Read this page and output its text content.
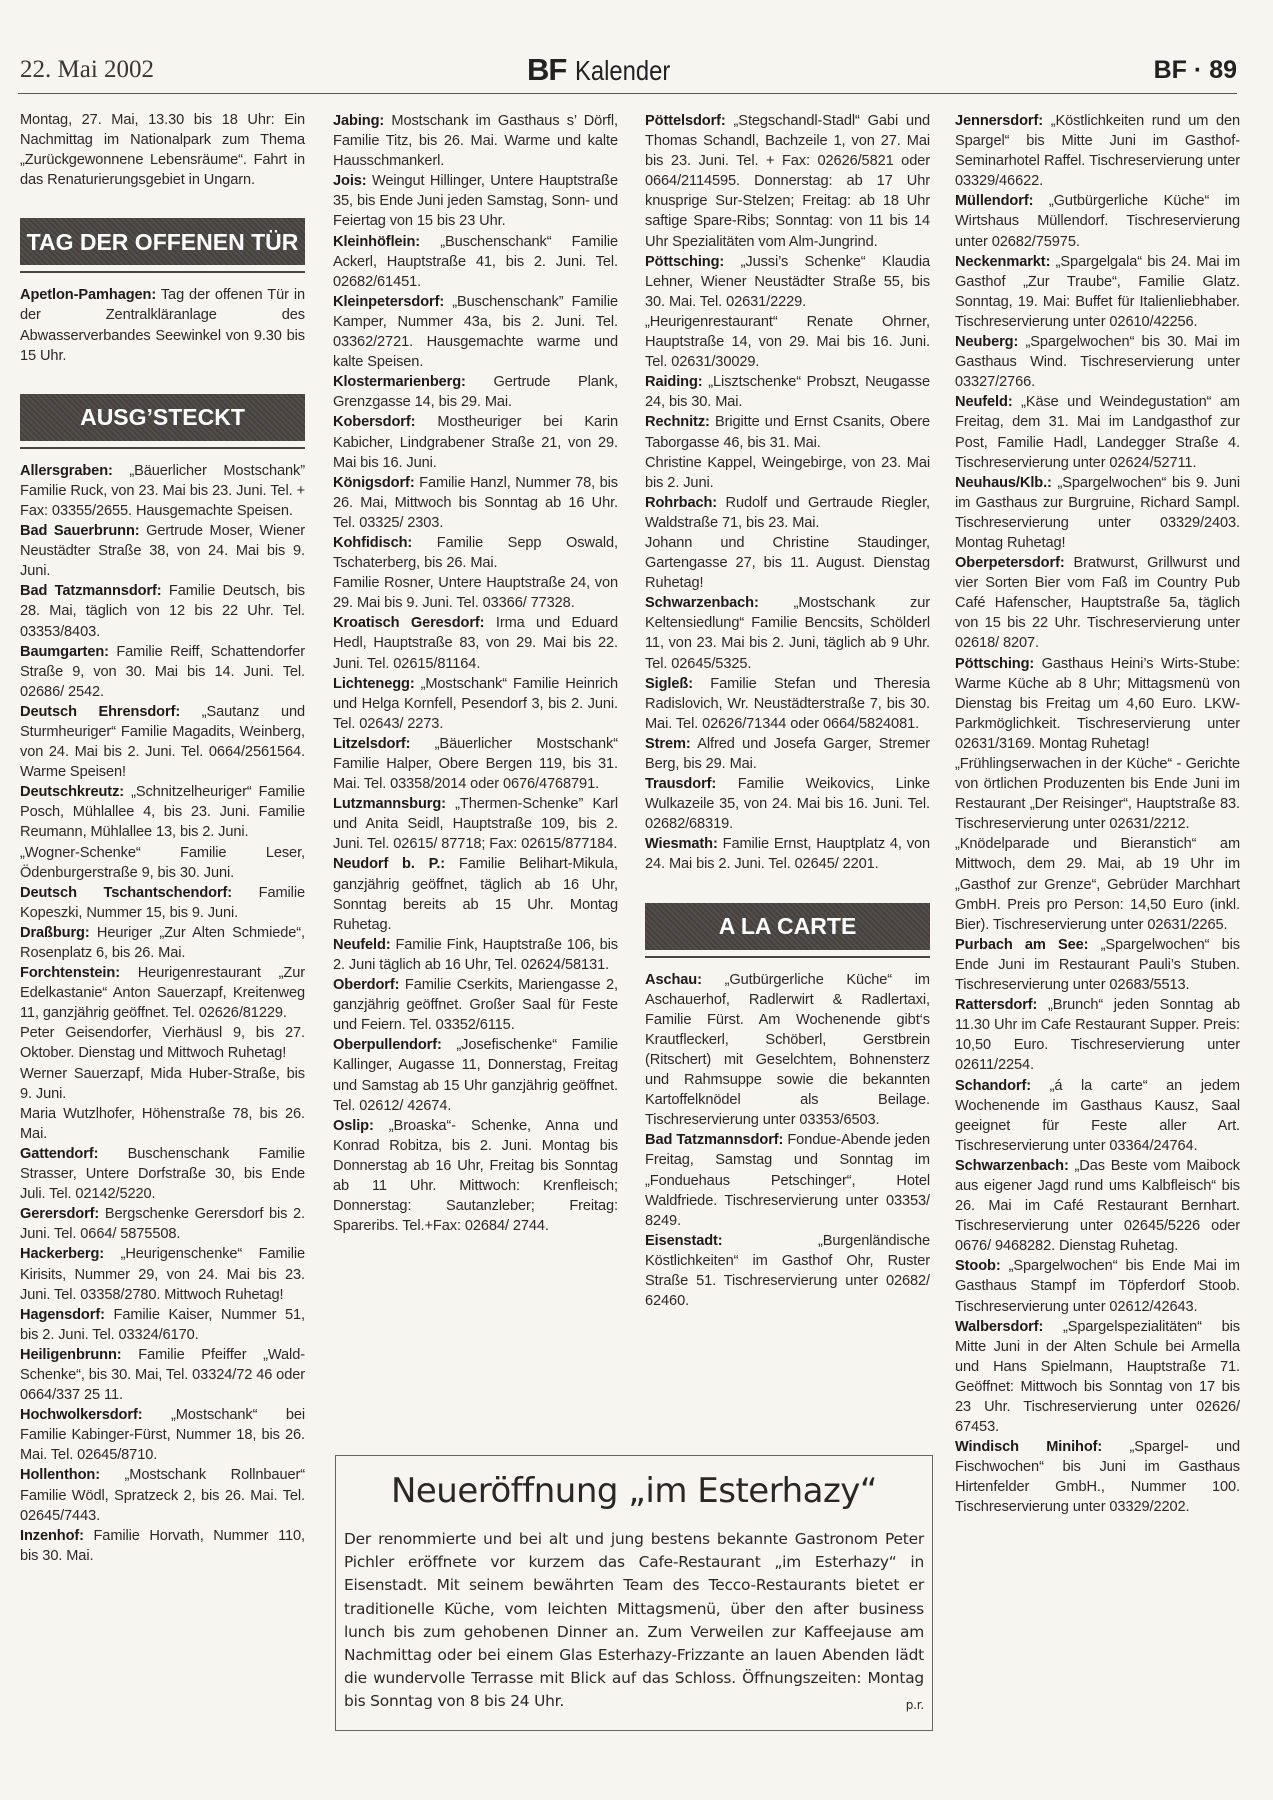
22. Mai 2002	BF Kalender	BF · 89

Montag, 27. Mai, 13.30 bis 18 Uhr: Ein Nachmittag im Nationalpark zum Thema „Zurückgewonnene Lebensräume“. Fahrt in das Renaturierungsgebiet in Ungarn.

TAG DER OFFENEN TÜR

Apetlon-Pamhagen: Tag der offenen Tür in der Zentralkläranlage des Abwasserverbandes Seewinkel von 9.30 bis 15 Uhr.

AUSG’STECKT

Allersgraben: „Bäuerlicher Mostschank” Familie Ruck, von 23. Mai bis 23. Juni. Tel. + Fax: 03355/2655. Hausgemachte Speisen.

Bad Sauerbrunn: Gertrude Moser, Wiener Neustädter Straße 38, von 24. Mai bis 9. Juni.

Bad Tatzmannsdorf: Familie Deutsch, bis 28. Mai, täglich von 12 bis 22 Uhr. Tel. 03353/8403.

Baumgarten: Familie Reiff, Schattendorfer Straße 9, von 30. Mai bis 14. Juni. Tel. 02686/ 2542.

Deutsch Ehrensdorf: „Sautanz und Sturmheuriger“ Familie Magadits, Weinberg, von 24. Mai bis 2. Juni. Tel. 0664/2561564. Warme Speisen!

Deutschkreutz: „Schnitzelheuriger“ Familie Posch, Mühlallee 4, bis 23. Juni. Familie Reumann, Mühlallee 13, bis 2. Juni.

„Wogner-Schenke“ Familie Leser, Ödenburgerstraße 9, bis 30. Juni.

Deutsch Tschantschendorf: Familie Kopeszki, Nummer 15, bis 9. Juni.

Draßburg: Heuriger „Zur Alten Schmiede“, Rosenplatz 6, bis 26. Mai.

Forchtenstein: Heurigenrestaurant „Zur Edelkastanie“ Anton Sauerzapf, Kreitenweg 11, ganzjährig geöffnet. Tel. 02626/81229.

Peter Geisendorfer, Vierhäusl 9, bis 27. Oktober. Dienstag und Mittwoch Ruhetag!

Werner Sauerzapf, Mida Huber-Straße, bis 9. Juni.

Maria Wutzlhofer, Höhenstraße 78, bis 26. Mai.

Gattendorf: Buschenschank Familie Strasser, Untere Dorfstraße 30, bis Ende Juli. Tel. 02142/5220.

Gerersdorf: Bergschenke Gerersdorf bis 2. Juni. Tel. 0664/ 5875508.

Hackerberg: „Heurigenschenke“ Familie Kirisits, Nummer 29, von 24. Mai bis 23. Juni. Tel. 03358/2780. Mittwoch Ruhetag!

Hagensdorf: Familie Kaiser, Nummer 51, bis 2. Juni. Tel. 03324/6170.

Heiligenbrunn: Familie Pfeiffer „Wald-Schenke“, bis 30. Mai, Tel. 03324/72 46 oder 0664/337 25 11.

Hochwolkersdorf: „Mostschank“ bei Familie Kabinger-Fürst, Nummer 18, bis 26. Mai. Tel. 02645/8710.

Hollenthon: „Mostschank Rollnbauer“ Familie Wödl, Spratzeck 2, bis 26. Mai. Tel. 02645/7443.

Inzenhof: Familie Horvath, Nummer 110, bis 30. Mai.

Jabing: Mostschank im Gasthaus s’ Dörfl, Familie Titz, bis 26. Mai. Warme und kalte Hausschmankerl.

Jois: Weingut Hillinger, Untere Hauptstraße 35, bis Ende Juni jeden Samstag, Sonn- und Feiertag von 15 bis 23 Uhr.

Kleinhöflein: „Buschenschank“ Familie Ackerl, Hauptstraße 41, bis 2. Juni. Tel. 02682/61451.

Kleinpetersdorf: „Buschenschank” Familie Kamper, Nummer 43a, bis 2. Juni. Tel. 03362/2721. Hausgemachte warme und kalte Speisen.

Klostermarienberg: Gertrude Plank, Grenzgasse 14, bis 29. Mai.

Kobersdorf: Mostheuriger bei Karin Kabicher, Lindgrabener Straße 21, von 29. Mai bis 16. Juni.

Königsdorf: Familie Hanzl, Nummer 78, bis 26. Mai, Mittwoch bis Sonntag ab 16 Uhr. Tel. 03325/ 2303.

Kohfidisch: Familie Sepp Oswald, Tschaterberg, bis 26. Mai.

Familie Rosner, Untere Hauptstraße 24, von 29. Mai bis 9. Juni. Tel. 03366/ 77328.

Kroatisch Geresdorf: Irma und Eduard Hedl, Hauptstraße 83, von 29. Mai bis 22. Juni. Tel. 02615/81164.

Lichtenegg: „Mostschank“ Familie Heinrich und Helga Kornfell, Pesendorf 3, bis 2. Juni. Tel. 02643/ 2273.

Litzelsdorf: „Bäuerlicher Mostschank“ Familie Halper, Obere Bergen 119, bis 31. Mai. Tel. 03358/2014 oder 0676/4768791.

Lutzmannsburg: „Thermen-Schenke” Karl und Anita Seidl, Hauptstraße 109, bis 2. Juni. Tel. 02615/ 87718; Fax: 02615/877184.

Neudorf b. P.: Familie Belihart-Mikula, ganzjährig geöffnet, täglich ab 16 Uhr, Sonntag bereits ab 15 Uhr. Montag Ruhetag.

Neufeld: Familie Fink, Hauptstraße 106, bis 2. Juni täglich ab 16 Uhr, Tel. 02624/58131.

Oberdorf: Familie Cserkits, Mariengasse 2, ganzjährig geöffnet. Großer Saal für Feste und Feiern. Tel. 03352/6115.

Oberpullendorf: „Josefischenke“ Familie Kallinger, Augasse 11, Donnerstag, Freitag und Samstag ab 15 Uhr ganzjährig geöffnet. Tel. 02612/ 42674.

Oslip: „Broaska“- Schenke, Anna und Konrad Robitza, bis 2. Juni. Montag bis Donnerstag ab 16 Uhr, Freitag bis Sonntag ab 11 Uhr. Mittwoch: Krenfleisch; Donnerstag: Sautanzleber; Freitag: Spareribs. Tel.+Fax: 02684/ 2744.

Pöttelsdorf: „Stegschandl-Stadl“ Gabi und Thomas Schandl, Bachzeile 1, von 27. Mai bis 23. Juni. Tel. + Fax: 02626/5821 oder 0664/2114595. Donnerstag: ab 17 Uhr knusprige Sur-Stelzen; Freitag: ab 18 Uhr saftige Spare-Ribs; Sonntag: von 11 bis 14 Uhr Spezialitäten vom Alm-Jungrind.

Pöttsching: „Jussi’s Schenke“ Klaudia Lehner, Wiener Neustädter Straße 55, bis 30. Mai. Tel. 02631/2229.

„Heurigenrestaurant“ Renate Ohrner, Hauptstraße 14, von 29. Mai bis 16. Juni. Tel. 02631/30029.

Raiding: „Lisztschenke“ Probszt, Neugasse 24, bis 30. Mai.

Rechnitz: Brigitte und Ernst Csanits, Obere Taborgasse 46, bis 31. Mai.

Christine Kappel, Weingebirge, von 23. Mai bis 2. Juni.

Rohrbach: Rudolf und Gertraude Riegler, Waldstraße 71, bis 23. Mai.

Johann und Christine Staudinger, Gartengasse 27, bis 11. August. Dienstag Ruhetag!

Schwarzenbach: „Mostschank zur Keltensiedlung“ Familie Bencsits, Schölderl 11, von 23. Mai bis 2. Juni, täglich ab 9 Uhr. Tel. 02645/5325.

Sigleß: Familie Stefan und Theresia Radislovich, Wr. Neustädterstraße 7, bis 30. Mai. Tel. 02626/71344 oder 0664/5824081.

Strem: Alfred und Josefa Garger, Stremer Berg, bis 29. Mai.

Trausdorf: Familie Weikovics, Linke Wulkazeile 35, von 24. Mai bis 16. Juni. Tel. 02682/68319.

Wiesmath: Familie Ernst, Hauptplatz 4, von 24. Mai bis 2. Juni. Tel. 02645/ 2201.

A LA CARTE

Aschau: „Gutbürgerliche Küche“ im Aschauerhof, Radlerwirt & Radlertaxi, Familie Fürst. Am Wochenende gibt‘s Krautfleckerl, Schöberl, Gerstbrein (Ritschert) mit Geselchtem, Bohnensterz und Rahmsuppe sowie die bekannten Kartoffelknödel als Beilage. Tischreservierung unter 03353/6503.

Bad Tatzmannsdorf: Fondue-Abende jeden Freitag, Samstag und Sonntag im „Fonduehaus Petschinger“, Hotel Waldfriede. Tischreservierung unter 03353/ 8249.

Eisenstadt:	„Burgenländische Köstlichkeiten“ im Gasthof Ohr, Ruster Straße 51. Tischreservierung unter 02682/ 62460.

Jennersdorf: „Köstlichkeiten rund um den Spargel“ bis Mitte Juni im Gasthof-Seminarhotel Raffel. Tischreservierung unter 03329/46622.

Müllendorf: „Gutbürgerliche Küche“ im Wirtshaus Müllendorf. Tischreservierung unter 02682/75975.

Neckenmarkt: „Spargelgala“ bis 24. Mai im Gasthof „Zur Traube“, Familie Glatz. Sonntag, 19. Mai: Buffet für Italienliebhaber. Tischreservierung unter 02610/42256.

Neuberg: „Spargelwochen“ bis 30. Mai im Gasthaus Wind. Tischreservierung unter 03327/2766.

Neufeld: „Käse und Weindegustation“ am Freitag, dem 31. Mai im Landgasthof zur Post, Familie Hadl, Landegger Straße 4. Tischreservierung unter 02624/52711.

Neuhaus/Klb.: „Spargelwochen“ bis 9. Juni im Gasthaus zur Burgruine, Richard Sampl. Tischreservierung unter 03329/2403. Montag Ruhetag!

Oberpetersdorf: Bratwurst, Grillwurst und vier Sorten Bier vom Faß im Country Pub Café Hafenscher, Hauptstraße 5a, täglich von 15 bis 22 Uhr. Tischreservierung unter 02618/ 8207.

Pöttsching: Gasthaus Heini’s Wirts-Stube: Warme Küche ab 8 Uhr; Mittagsmenü von Dienstag bis Freitag um 4,60 Euro. LKW-Parkmöglichkeit. Tischreservierung unter 02631/3169. Montag Ruhetag!

„Frühlingserwachen in der Küche“ - Gerichte von örtlichen Produzenten bis Ende Juni im Restaurant „Der Reisinger“, Hauptstraße 83. Tischreservierung unter 02631/2212.

„Knödelparade und Bieranstich“ am Mittwoch, dem 29. Mai, ab 19 Uhr im „Gasthof zur Grenze“, Gebrüder Marchhart GmbH. Preis pro Person: 14,50 Euro (inkl. Bier). Tischreservierung unter 02631/2265.

Purbach am See: „Spargelwochen“ bis Ende Juni im Restaurant Pauli’s Stuben. Tischreservierung unter 02683/5513.

Rattersdorf: „Brunch“ jeden Sonntag ab 11.30 Uhr im Cafe Restaurant Supper. Preis: 10,50 Euro. Tischreservierung unter 02611/2254.

Schandorf: „á la carte“ an jedem Wochenende im Gasthaus Kausz, Saal geeignet für Feste aller Art. Tischreservierung unter 03364/24764.

Schwarzenbach: „Das Beste vom Maibock aus eigener Jagd rund ums Kalbfleisch“ bis 26. Mai im Café Restaurant Bernhart. Tischreservierung unter 02645/5226 oder 0676/ 9468282. Dienstag Ruhetag.

Stoob: „Spargelwochen“ bis Ende Mai im Gasthaus Stampf im Töpferdorf Stoob. Tischreservierung unter 02612/42643.

Walbersdorf: „Spargelspezialitäten“ bis Mitte Juni in der Alten Schule bei Armella und Hans Spielmann, Hauptstraße 71. Geöffnet: Mittwoch bis Sonntag von 17 bis 23 Uhr. Tischreservierung unter 02626/ 67453.

Windisch Minihof: „Spargel- und Fischwochen“ bis Juni im Gasthaus Hirtenfelder GmbH., Nummer 100. Tischreservierung unter 03329/2202.

Neueröffnung „im Esterhazy“
Der renommierte und bei alt und jung bestens bekannte Gastronom Peter Pichler eröffnete vor kurzem das Cafe-Restaurant „im Esterhazy“ in Eisenstadt. Mit seinem bewährten Team des Tecco-Restaurants bietet er traditionelle Küche, vom leichten Mittagsmenü, über den after business lunch bis zum gehobenen Dinner an. Zum Verweilen zur Kaffeejause am Nachmittag oder bei einem Glas Esterhazy-Frizzante an lauen Abenden lädt die wundervolle Terrasse mit Blick auf das Schloss. Öffnungszeiten: Montag bis Sonntag von 8 bis 24 Uhr.	p.r.
